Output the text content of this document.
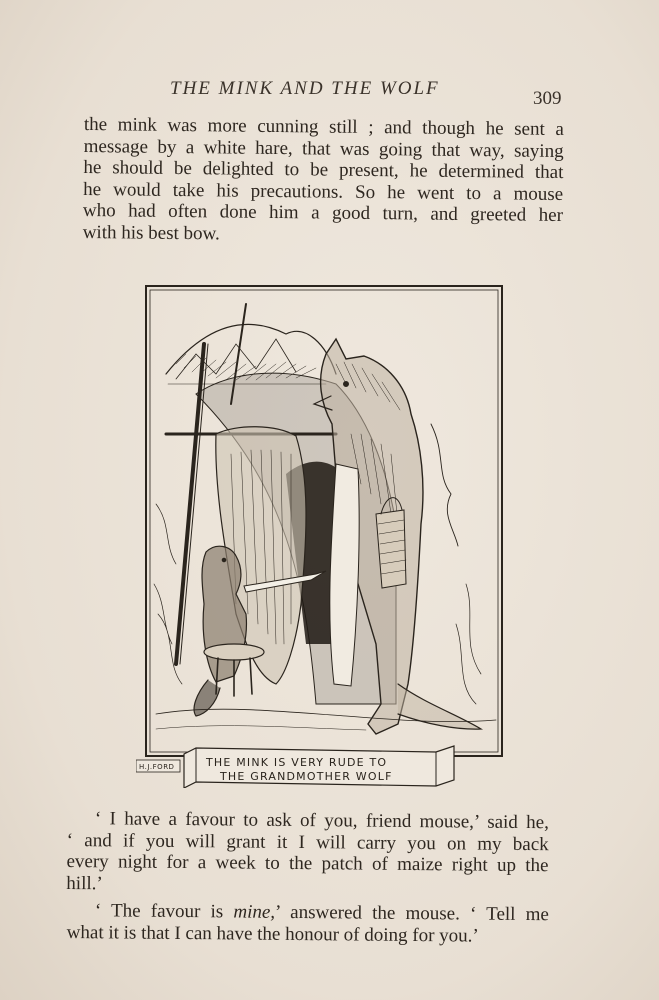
THE MINK AND THE WOLF	309
the mink was more cunning still ; and though he sent a
message by a white hare, that was going that way, saying
he should be delighted to be present, he determined that
he would take his precautions. So he went to a mouse
who had often done him a good turn, and greeted her
with his best bow.
THE MINK IS VERY RUDE TO
THE GRANDMOTHER WOLF
H.J.FORD
‘ I have a favour to ask of you, friend mouse,’ said he,
‘ and if you will grant it I will carry you on my back
every night for a week to the patch of maize right up the
hill.’
‘ The favour is mine,’ answered the mouse. ‘ Tell me
what it is that I can have the honour of doing for you.’
